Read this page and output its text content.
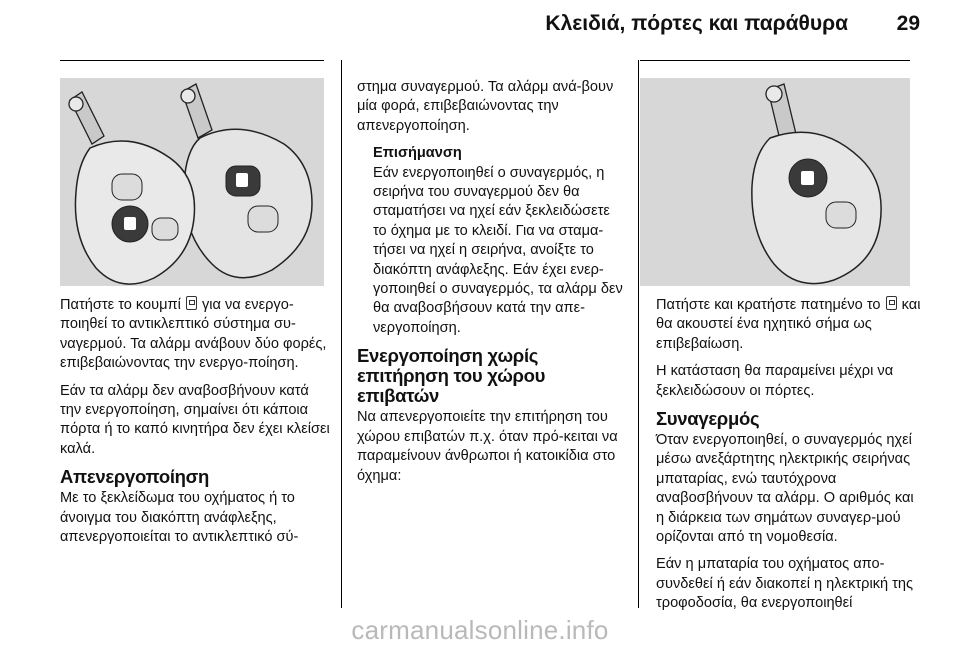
Κλειδιά, πόρτες και παράθυρα 29

Πατήστε το κουμπί για να ενεργο-ποιηθεί το αντικλεπτικό σύστημα συ-ναγερμού. Τα αλάρμ ανάβουν δύο φορές, επιβεβαιώνοντας την ενεργο-ποίηση.

Εάν τα αλάρμ δεν αναβοσβήνουν κατά την ενεργοποίηση, σημαίνει ότι κάποια πόρτα ή το καπό κινητήρα δεν έχει κλείσει καλά.

Απενεργοποίηση

Με το ξεκλείδωμα του οχήματος ή το άνοιγμα του διακόπτη ανάφλεξης, απενεργοποιείται το αντικλεπτικό σύ-

στημα συναγερμού. Τα αλάρμ ανά-βουν μία φορά, επιβεβαιώνοντας την απενεργοποίηση.

Επισήμανση
Εάν ενεργοποιηθεί ο συναγερμός, η σειρήνα του συναγερμού δεν θα σταματήσει να ηχεί εάν ξεκλειδώσετε το όχημα με το κλειδί. Για να σταμα-τήσει να ηχεί η σειρήνα, ανοίξτε το διακόπτη ανάφλεξης. Εάν έχει ενερ-γοποιηθεί ο συναγερμός, τα αλάρμ δεν θα αναβοσβήσουν κατά την απε-νεργοποίηση.
Ενεργοποίηση χωρίς επιτήρηση του χώρου επιβατών

Να απενεργοποιείτε την επιτήρηση του χώρου επιβατών π.χ. όταν πρό-κειται να παραμείνουν άνθρωποι ή κατοικίδια στο όχημα:

Πατήστε και κρατήστε πατημένο το και θα ακουστεί ένα ηχητικό σήμα ως επιβεβαίωση.

Η κατάσταση θα παραμείνει μέχρι να ξεκλειδώσουν οι πόρτες.

Συναγερμός

Όταν ενεργοποιηθεί, ο συναγερμός ηχεί μέσω ανεξάρτητης ηλεκτρικής σειρήνας μπαταρίας, ενώ ταυτόχρονα αναβοσβήνουν τα αλάρμ. Ο αριθμός και η διάρκεια των σημάτων συναγερ-μού ορίζονται από τη νομοθεσία.

Εάν η μπαταρία του οχήματος απο-συνδεθεί ή εάν διακοπεί η ηλεκτρική της τροφοδοσία, θα ενεργοποιηθεί

carmanualsonline.info
